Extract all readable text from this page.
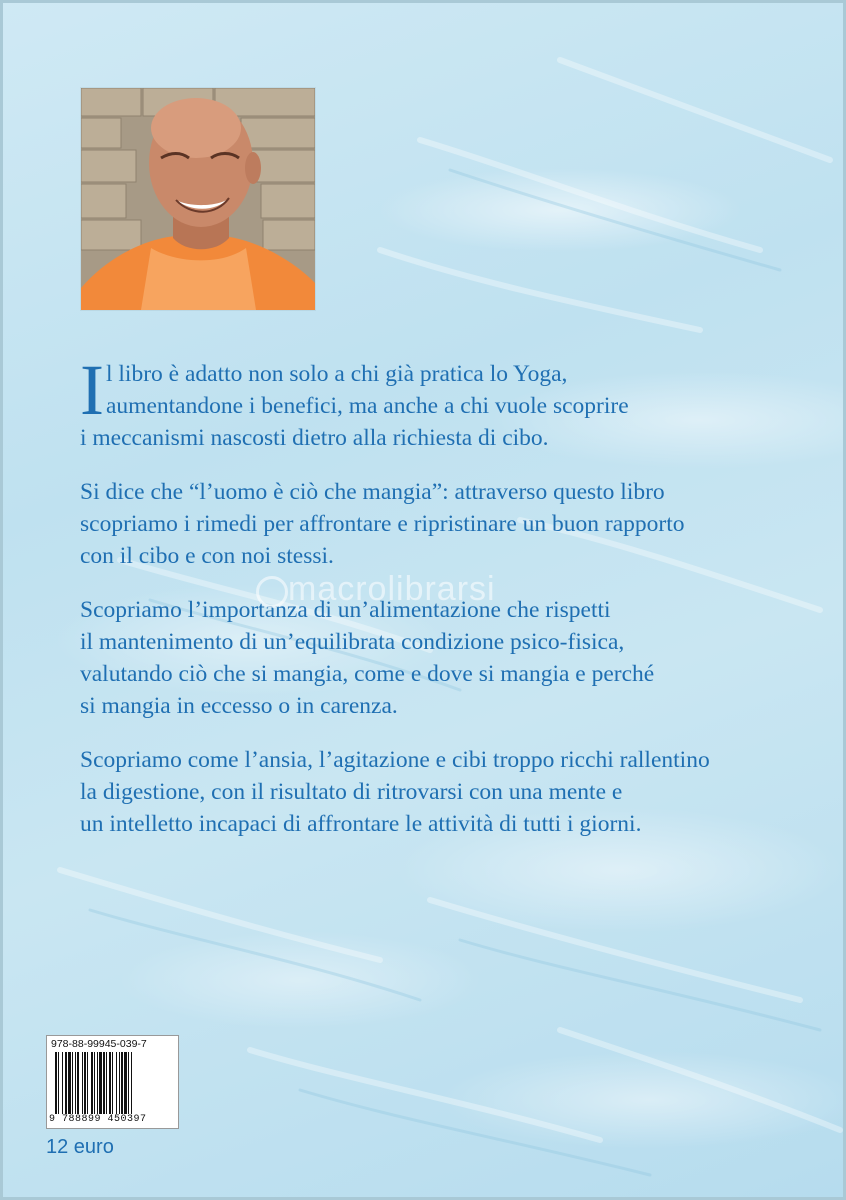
I l libro è adatto non solo a chi già pratica lo Yoga,
aumentandone i benefici, ma anche a chi vuole scoprire
i meccanismi nascosti dietro alla richiesta di cibo.
Si dice che “l’uomo è ciò che mangia”: attraverso questo libro
scopriamo i rimedi per affrontare e ripristinare un buon rapporto
con il cibo e con noi stessi.
Scopriamo l’importanza di un’alimentazione che rispetti
il mantenimento di un’equilibrata condizione psico-fisica,
valutando ciò che si mangia, come e dove si mangia e perché
si mangia in eccesso o in carenza.
Scopriamo come l’ansia, l’agitazione e cibi troppo ricchi rallentino
la digestione, con il risultato di ritrovarsi con una mente e
un intelletto incapaci di affrontare le attività di tutti i giorni.
macrolibrarsi
978-88-99945-039-7
9 788899 450397
12 euro
